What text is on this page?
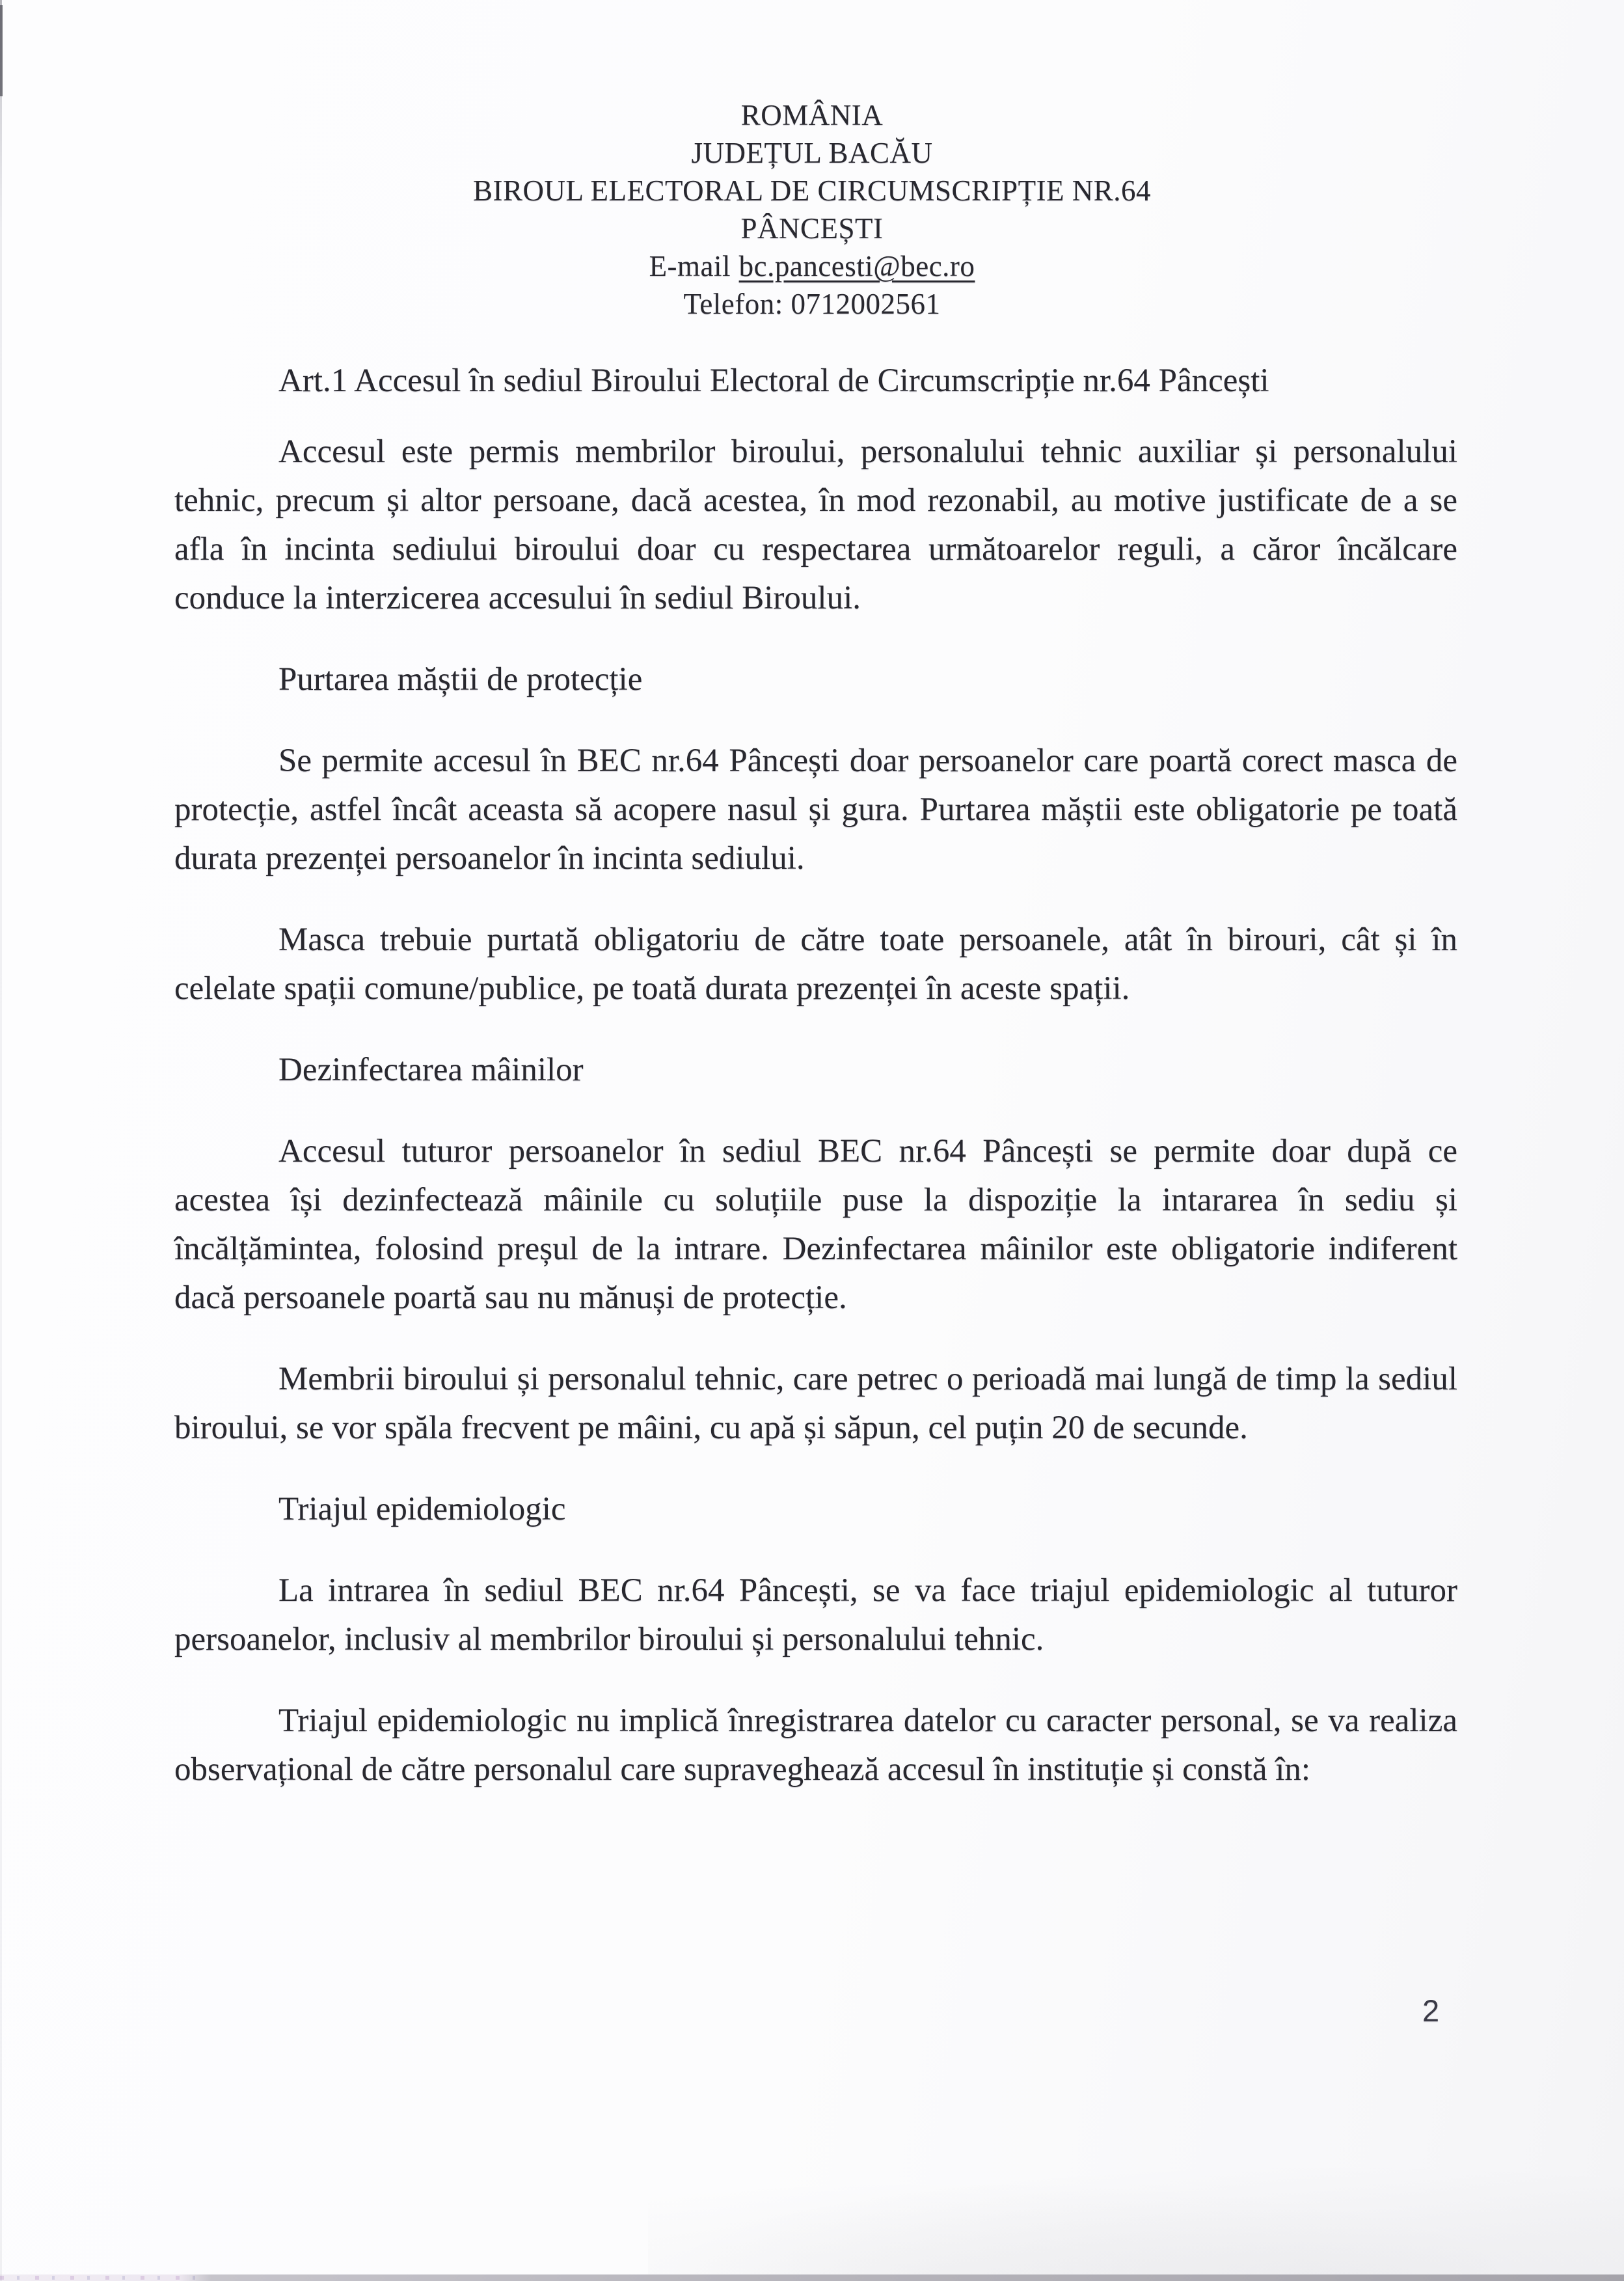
ROMÂNIA
JUDEȚUL BACĂU
BIROUL ELECTORAL DE CIRCUMSCRIPȚIE NR.64
PÂNCEȘTI
E-mail bc.pancesti@bec.ro
Telefon: 0712002561

Art.1 Accesul în sediul Biroului Electoral de Circumscripție nr.64 Pâncești

Accesul este permis membrilor biroului, personalului tehnic auxiliar și personalului tehnic, precum și altor persoane, dacă acestea, în mod rezonabil, au motive justificate de a se afla în incinta sediului biroului doar cu respectarea următoarelor reguli, a căror încălcare conduce la interzicerea accesului în sediul Biroului.

Purtarea măștii de protecție

Se permite accesul în BEC nr.64 Pâncești doar persoanelor care poartă corect masca de protecție, astfel încât aceasta să acopere nasul și gura. Purtarea măștii este obligatorie pe toată durata prezenței persoanelor în incinta sediului.

Masca trebuie purtată obligatoriu de către toate persoanele, atât în birouri, cât și în celelate spații comune/publice, pe toată durata prezenței în aceste spații.

Dezinfectarea mâinilor

Accesul tuturor persoanelor în sediul BEC nr.64 Pâncești se permite doar după ce acestea își dezinfectează mâinile cu soluțiile puse la dispoziție la intararea în sediu și încălțămintea, folosind preșul de la intrare. Dezinfectarea mâinilor este obligatorie indiferent dacă persoanele poartă sau nu mănuși de protecție.

Membrii biroului și personalul tehnic, care petrec o perioadă mai lungă de timp la sediul biroului, se vor spăla frecvent pe mâini, cu apă și săpun, cel puțin 20 de secunde.

Triajul epidemiologic

La intrarea în sediul BEC nr.64 Pâncești, se va face triajul epidemiologic al tuturor persoanelor, inclusiv al membrilor biroului și personalului tehnic.

Triajul epidemiologic nu implică înregistrarea datelor cu caracter personal, se va realiza observațional de către personalul care supraveghează accesul în instituție și constă în:

2
